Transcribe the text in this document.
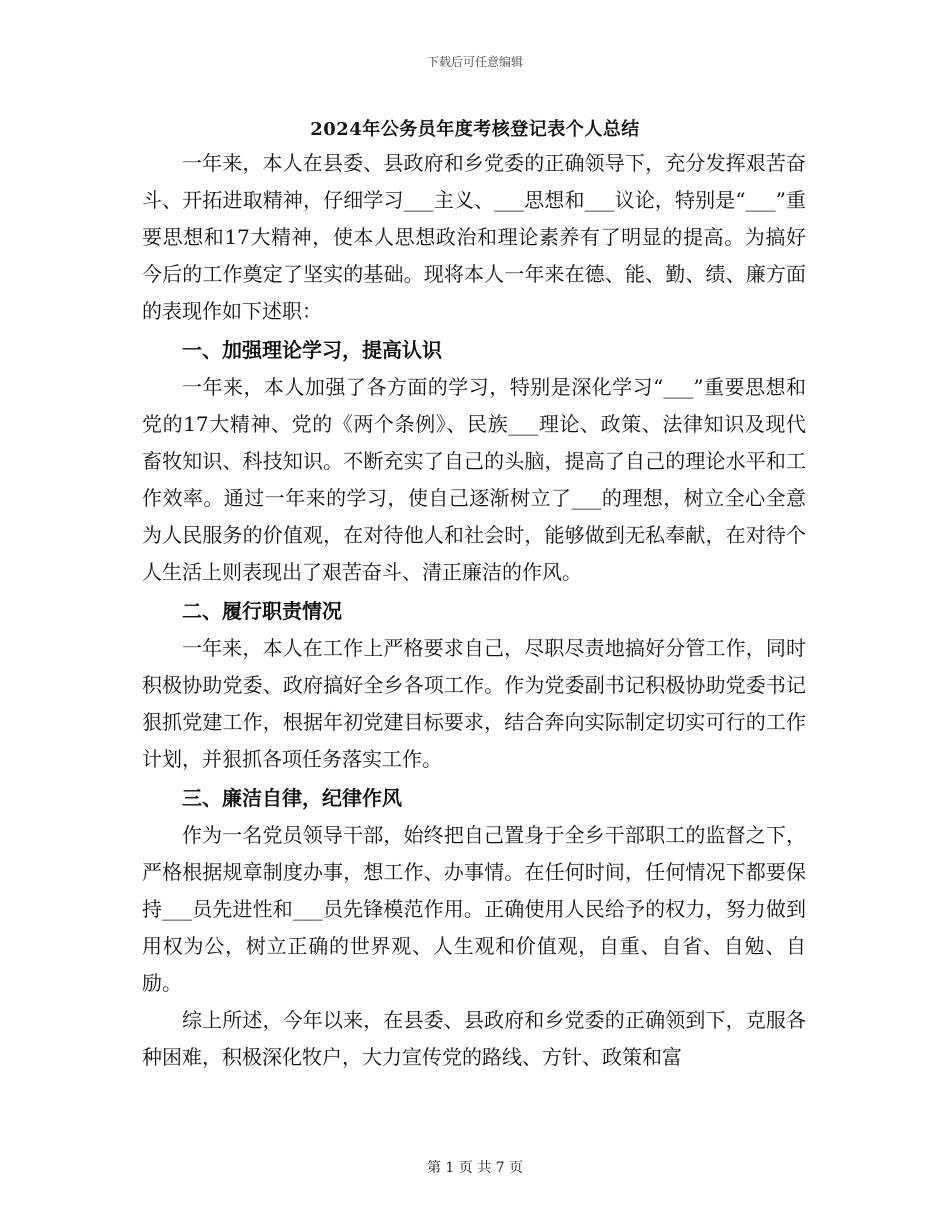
下载后可任意编辑
2024年公务员年度考核登记表个人总结

一年来，本人在县委、县政府和乡党委的正确领导下，充分发挥艰苦奋斗、开拓进取精神，仔细学习___主义、___思想和___议论，特别是“___”重要思想和17大精神，使本人思想政治和理论素养有了明显的提高。为搞好今后的工作奠定了坚实的基础。现将本人一年来在德、能、勤、绩、廉方面的表现作如下述职：

一、加强理论学习，提高认识

一年来，本人加强了各方面的学习，特别是深化学习“___”重要思想和党的17大精神、党的《两个条例》、民族___理论、政策、法律知识及现代畜牧知识、科技知识。不断充实了自己的头脑，提高了自己的理论水平和工作效率。通过一年来的学习，使自己逐渐树立了___的理想，树立全心全意为人民服务的价值观，在对待他人和社会时，能够做到无私奉献，在对待个人生活上则表现出了艰苦奋斗、清正廉洁的作风。

二、履行职责情况

一年来，本人在工作上严格要求自己，尽职尽责地搞好分管工作，同时积极协助党委、政府搞好全乡各项工作。作为党委副书记积极协助党委书记狠抓党建工作，根据年初党建目标要求，结合奔向实际制定切实可行的工作计划，并狠抓各项任务落实工作。

三、廉洁自律，纪律作风

作为一名党员领导干部，始终把自己置身于全乡干部职工的监督之下，严格根据规章制度办事，想工作、办事情。在任何时间，任何情况下都要保持___员先进性和___员先锋模范作用。正确使用人民给予的权力，努力做到用权为公，树立正确的世界观、人生观和价值观，自重、自省、自勉、自励。

综上所述，今年以来，在县委、县政府和乡党委的正确领到下，克服各种困难，积极深化牧户，大力宣传党的路线、方针、政策和富

第 1 页 共 7 页
